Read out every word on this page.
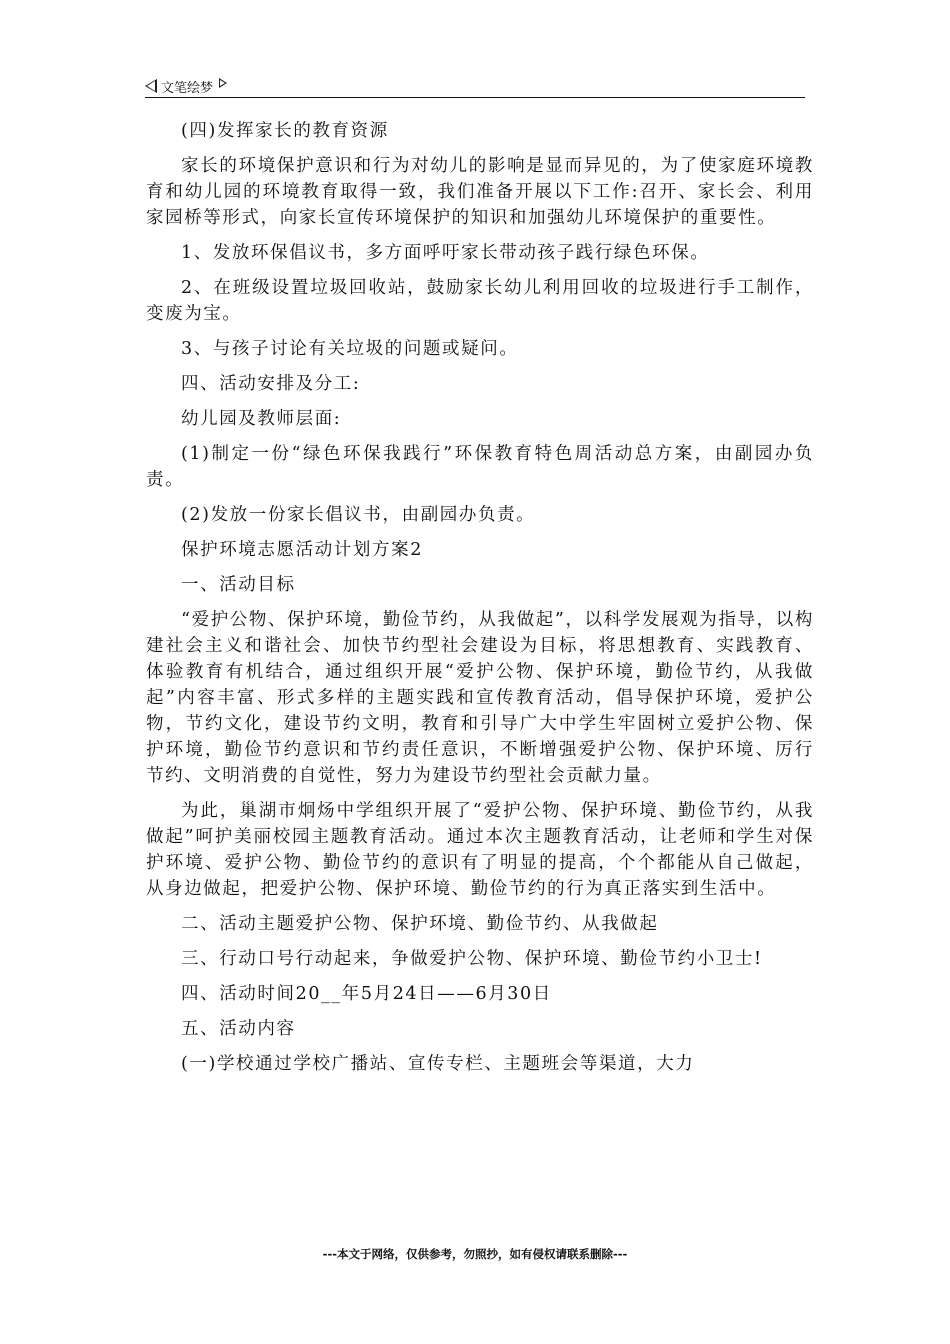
文笔绘梦

(四)发挥家长的教育资源

家长的环境保护意识和行为对幼儿的影响是显而异见的，为了使家庭环境教育和幼儿园的环境教育取得一致，我们准备开展以下工作:召开、家长会、利用家园桥等形式，向家长宣传环境保护的知识和加强幼儿环境保护的重要性。

1、发放环保倡议书，多方面呼吁家长带动孩子践行绿色环保。

2、在班级设置垃圾回收站，鼓励家长幼儿利用回收的垃圾进行手工制作，变废为宝。

3、与孩子讨论有关垃圾的问题或疑问。

四、活动安排及分工:

幼儿园及教师层面:

(1)制定一份“绿色环保我践行”环保教育特色周活动总方案，由副园办负责。

(2)发放一份家长倡议书，由副园办负责。

保护环境志愿活动计划方案2

一、活动目标

“爱护公物、保护环境，勤俭节约，从我做起”，以科学发展观为指导，以构建社会主义和谐社会、加快节约型社会建设为目标，将思想教育、实践教育、体验教育有机结合，通过组织开展“爱护公物、保护环境，勤俭节约，从我做起”内容丰富、形式多样的主题实践和宣传教育活动，倡导保护环境，爱护公物，节约文化，建设节约文明，教育和引导广大中学生牢固树立爱护公物、保护环境，勤俭节约意识和节约责任意识，不断增强爱护公物、保护环境、厉行节约、文明消费的自觉性，努力为建设节约型社会贡献力量。

为此，巢湖市炯炀中学组织开展了“爱护公物、保护环境、勤俭节约，从我做起”呵护美丽校园主题教育活动。通过本次主题教育活动，让老师和学生对保护环境、爱护公物、勤俭节约的意识有了明显的提高，个个都能从自己做起，从身边做起，把爱护公物、保护环境、勤俭节约的行为真正落实到生活中。

二、活动主题爱护公物、保护环境、勤俭节约、从我做起

三、行动口号行动起来，争做爱护公物、保护环境、勤俭节约小卫士!

四、活动时间20__年5月24日——6月30日

五、活动内容

(一)学校通过学校广播站、宣传专栏、主题班会等渠道，大力

---本文于网络，仅供参考，勿照抄，如有侵权请联系删除---
